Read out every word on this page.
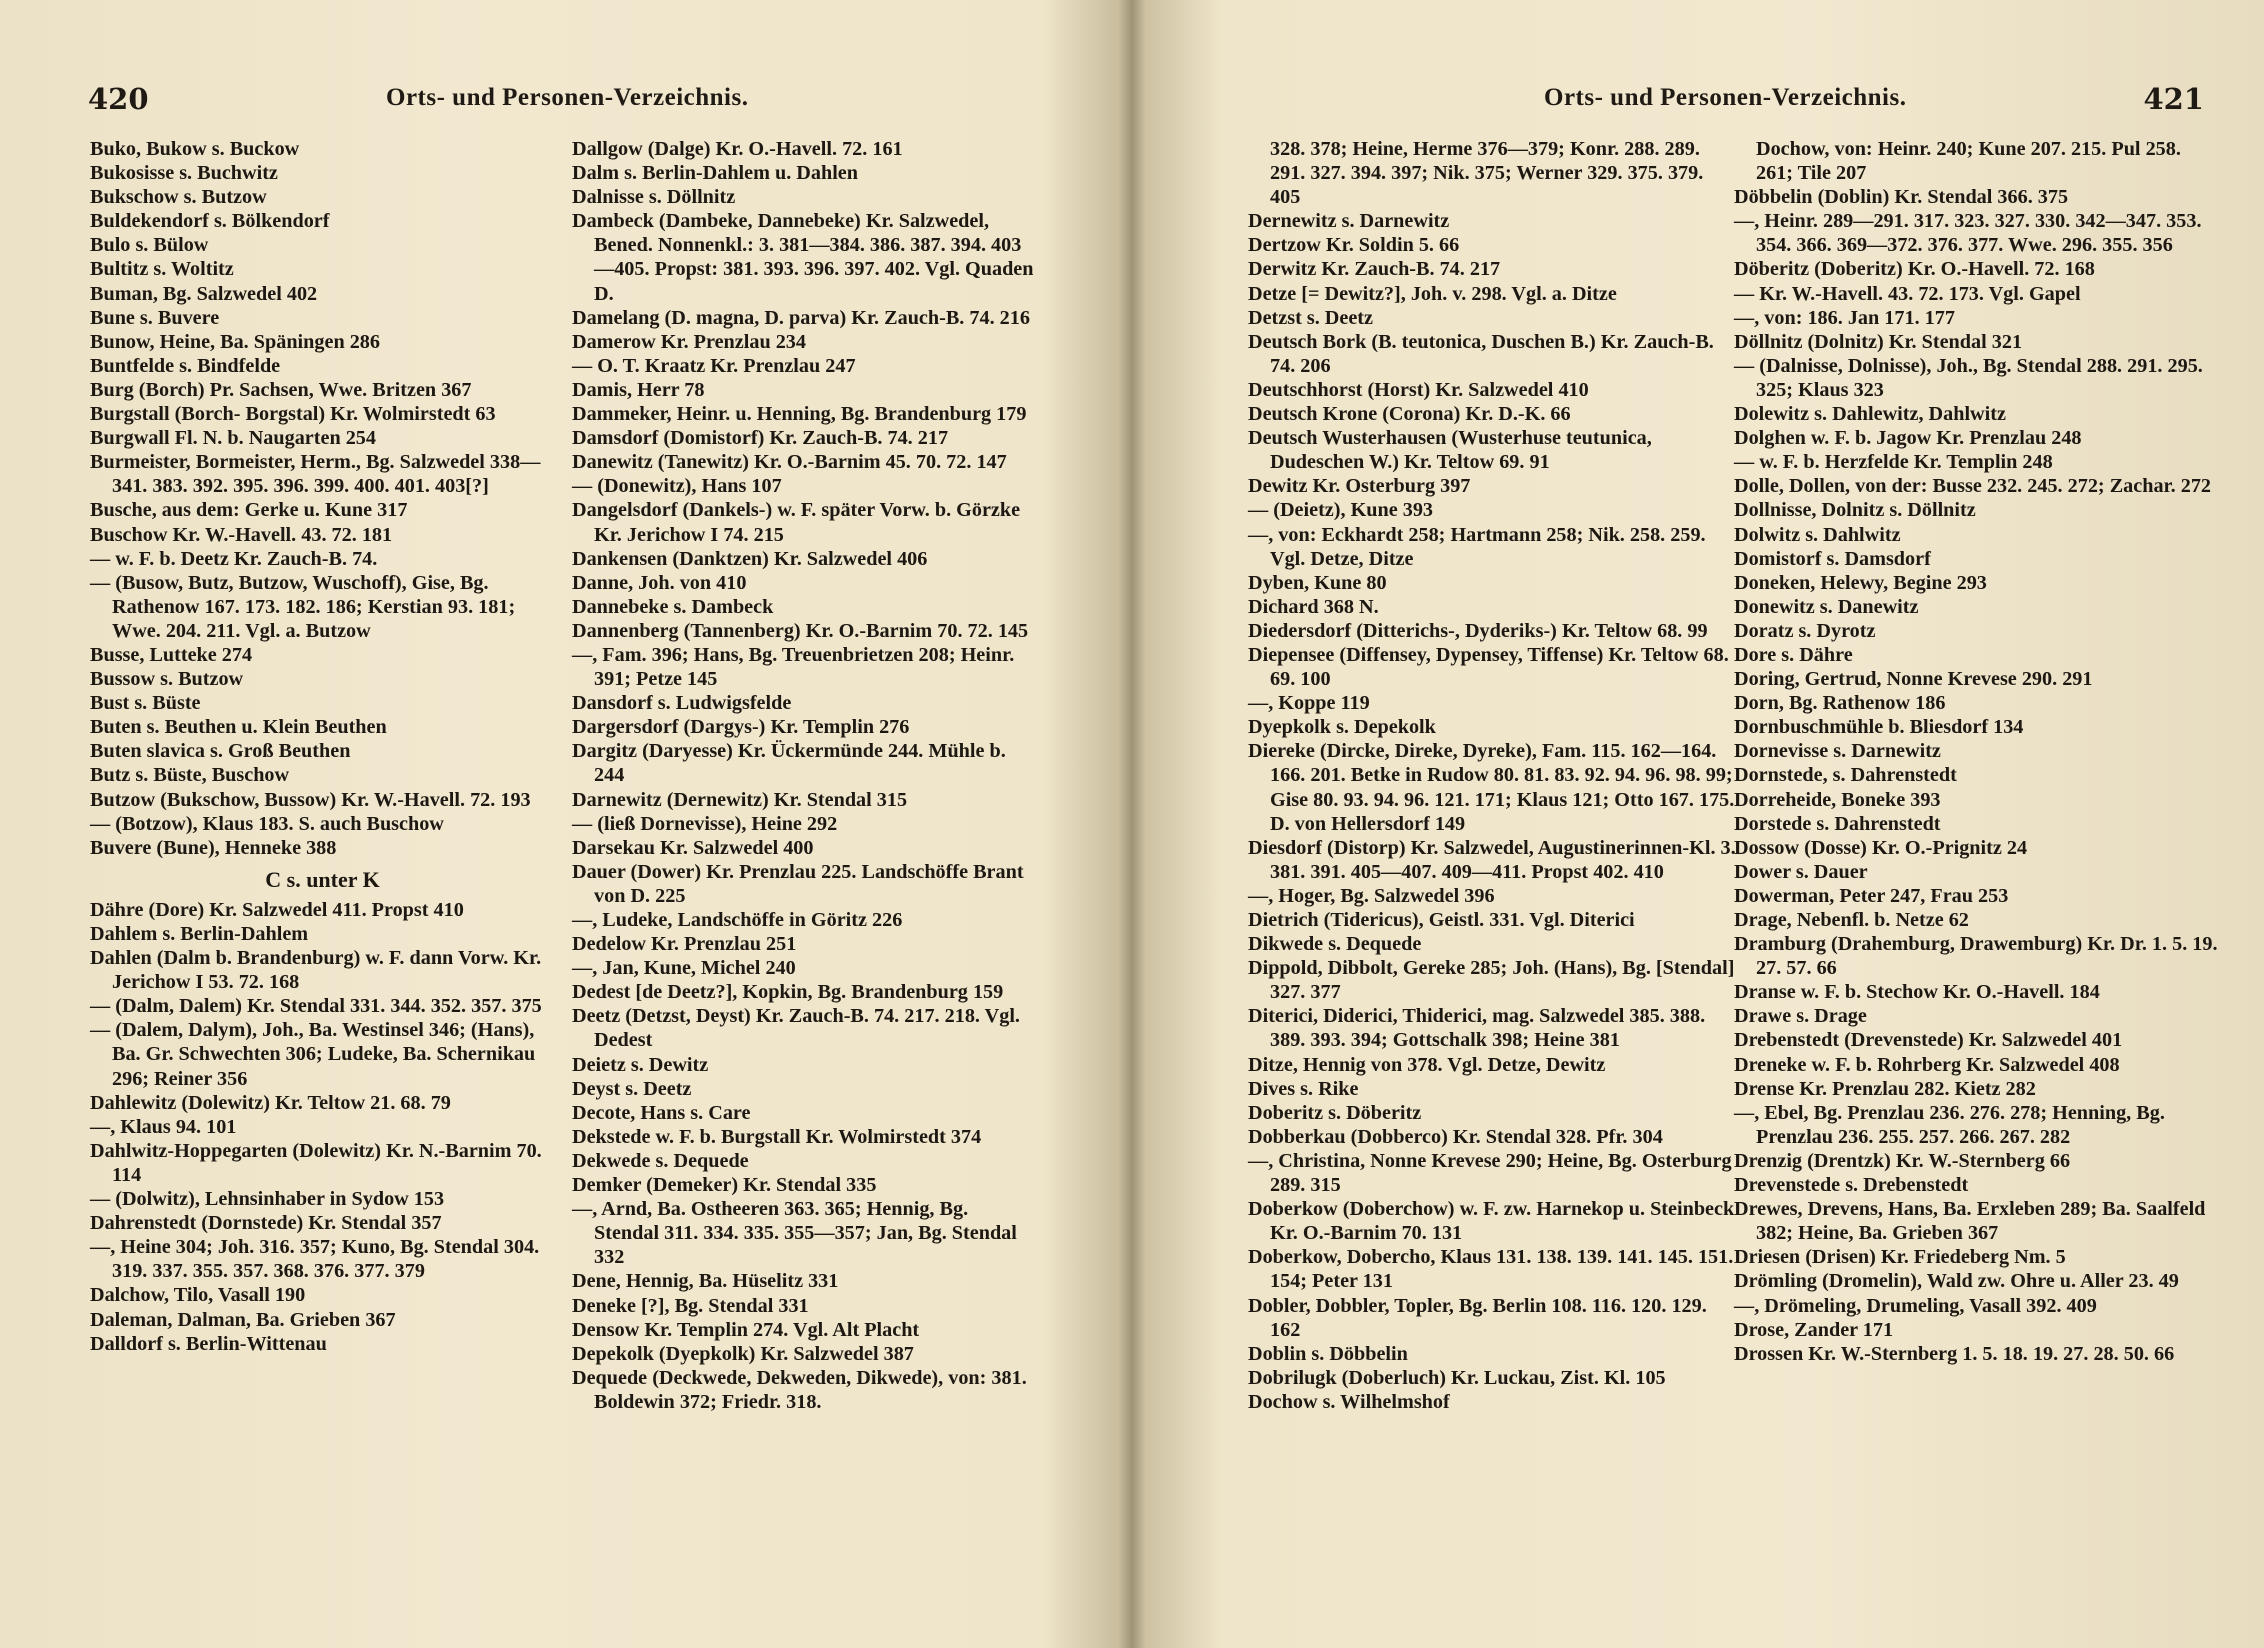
420	Orts- und Personen-Verzeichnis.
Buko, Bukow s. Buckow
Bukosisse s. Buchwitz
Bukschow s. Butzow
Buldekendorf s. Bölkendorf
Bulo s. Bülow
Bultitz s. Woltitz
Buman, Bg. Salzwedel 402
Bune s. Buvere
Bunow, Heine, Ba. Späningen 286
Buntfelde s. Bindfelde
Burg (Borch) Pr. Sachsen, Wwe. Britzen 367
Burgstall (Borch- Borgstal) Kr. Wolmirstedt 63
Burgwall Fl. N. b. Naugarten 254
Burmeister, Bormeister, Herm., Bg. Salzwedel 338—341. 383. 392. 395. 396. 399. 400. 401. 403[?]
Busche, aus dem: Gerke u. Kune 317
Buschow Kr. W.-Havell. 43. 72. 181
— w. F. b. Deetz Kr. Zauch-B. 74.
— (Busow, Butz, Butzow, Wuschoff), Gise, Bg. Rathenow 167. 173. 182. 186; Kerstian 93. 181; Wwe. 204. 211. Vgl. a. Butzow
Busse, Lutteke 274
Bussow s. Butzow
Bust s. Büste
Buten s. Beuthen u. Klein Beuthen
Buten slavica s. Groß Beuthen
Butz s. Büste, Buschow
Butzow (Bukschow, Bussow) Kr. W.-Havell. 72. 193
— (Botzow), Klaus 183. S. auch Buschow
Buvere (Bune), Henneke 388
C s. unter K
Dähre (Dore) Kr. Salzwedel 411. Propst 410
Dahlem s. Berlin-Dahlem
Dahlen (Dalm b. Brandenburg) w. F. dann Vorw. Kr. Jerichow I 53. 72. 168
— (Dalm, Dalem) Kr. Stendal 331. 344. 352. 357. 375
— (Dalem, Dalym), Joh., Ba. Westinsel 346; (Hans), Ba. Gr. Schwechten 306; Ludeke, Ba. Schernikau 296; Reiner 356
Dahlewitz (Dolewitz) Kr. Teltow 21. 68. 79
—, Klaus 94. 101
Dahlwitz-Hoppegarten (Dolewitz) Kr. N.-Barnim 70. 114
— (Dolwitz), Lehnsinhaber in Sydow 153
Dahrenstedt (Dornstede) Kr. Stendal 357
—, Heine 304; Joh. 316. 357; Kuno, Bg. Stendal 304. 319. 337. 355. 357. 368. 376. 377. 379
Dalchow, Tilo, Vasall 190
Daleman, Dalman, Ba. Grieben 367
Dalldorf s. Berlin-Wittenau
Dallgow (Dalge) Kr. O.-Havell. 72. 161
Dalm s. Berlin-Dahlem u. Dahlen
Dalnisse s. Döllnitz
Dambeck (Dambeke, Dannebeke) Kr. Salzwedel, Bened. Nonnenkl.: 3. 381—384. 386. 387. 394. 403—405. Propst: 381. 393. 396. 397. 402. Vgl. Quaden D.
Damelang (D. magna, D. parva) Kr. Zauch-B. 74. 216
Damerow Kr. Prenzlau 234
— O. T. Kraatz Kr. Prenzlau 247
Damis, Herr 78
Dammeker, Heinr. u. Henning, Bg. Brandenburg 179
Damsdorf (Domistorf) Kr. Zauch-B. 74. 217
Danewitz (Tanewitz) Kr. O.-Barnim 45. 70. 72. 147
— (Donewitz), Hans 107
Dangelsdorf (Dankels-) w. F. später Vorw. b. Görzke Kr. Jerichow I 74. 215
Dankensen (Danktzen) Kr. Salzwedel 406
Danne, Joh. von 410
Dannebeke s. Dambeck
Dannenberg (Tannenberg) Kr. O.-Barnim 70. 72. 145
—, Fam. 396; Hans, Bg. Treuenbrietzen 208; Heinr. 391; Petze 145
Dansdorf s. Ludwigsfelde
Dargersdorf (Dargys-) Kr. Templin 276
Dargitz (Daryesse) Kr. Ückermünde 244. Mühle b. 244
Darnewitz (Dernewitz) Kr. Stendal 315
— (ließ Dornevisse), Heine 292
Darsekau Kr. Salzwedel 400
Dauer (Dower) Kr. Prenzlau 225. Landschöffe Brant von D. 225
—, Ludeke, Landschöffe in Göritz 226
Dedelow Kr. Prenzlau 251
—, Jan, Kune, Michel 240
Dedest [de Deetz?], Kopkin, Bg. Brandenburg 159
Deetz (Detzst, Deyst) Kr. Zauch-B. 74. 217. 218. Vgl. Dedest
Deietz s. Dewitz
Deyst s. Deetz
Decote, Hans s. Care
Dekstede w. F. b. Burgstall Kr. Wolmirstedt 374
Dekwede s. Dequede
Demker (Demeker) Kr. Stendal 335
—, Arnd, Ba. Ostheeren 363. 365; Hennig, Bg. Stendal 311. 334. 335. 355—357; Jan, Bg. Stendal 332
Dene, Hennig, Ba. Hüselitz 331
Deneke [?], Bg. Stendal 331
Densow Kr. Templin 274. Vgl. Alt Placht
Depekolk (Dyepkolk) Kr. Salzwedel 387
Dequede (Deckwede, Dekweden, Dikwede), von: 381. Boldewin 372; Friedr. 318.
421
Orts- und Personen-Verzeichnis.
328. 378; Heine, Herme 376—379; Konr. 288. 289. 291. 327. 394. 397; Nik. 375; Werner 329. 375. 379. 405
Dernewitz s. Darnewitz
Dertzow Kr. Soldin 5. 66
Derwitz Kr. Zauch-B. 74. 217
Detze [= Dewitz?], Joh. v. 298. Vgl. a. Ditze
Detzst s. Deetz
Deutsch Bork (B. teutonica, Duschen B.) Kr. Zauch-B. 74. 206
Deutschhorst (Horst) Kr. Salzwedel 410
Deutsch Krone (Corona) Kr. D.-K. 66
Deutsch Wusterhausen (Wusterhuse teutunica, Dudeschen W.) Kr. Teltow 69. 91
Dewitz Kr. Osterburg 397
— (Deietz), Kune 393
—, von: Eckhardt 258; Hartmann 258; Nik. 258. 259. Vgl. Detze, Ditze
Dyben, Kune 80
Dichard 368 N.
Diedersdorf (Ditterichs-, Dyderiks-) Kr. Teltow 68. 99
Diepensee (Diffensey, Dypensey, Tiffense) Kr. Teltow 68. 69. 100
—, Koppe 119
Dyepkolk s. Depekolk
Diereke (Dircke, Direke, Dyreke), Fam. 115. 162—164. 166. 201. Betke in Rudow 80. 81. 83. 92. 94. 96. 98. 99; Gise 80. 93. 94. 96. 121. 171; Klaus 121; Otto 167. 175. D. von Hellersdorf 149
Diesdorf (Distorp) Kr. Salzwedel, Augustinerinnen-Kl. 3. 381. 391. 405—407. 409—411. Propst 402. 410
—, Hoger, Bg. Salzwedel 396
Dietrich (Tidericus), Geistl. 331. Vgl. Diterici
Dikwede s. Dequede
Dippold, Dibbolt, Gereke 285; Joh. (Hans), Bg. [Stendal] 327. 377
Diterici, Diderici, Thiderici, mag. Salzwedel 385. 388. 389. 393. 394; Gottschalk 398; Heine 381
Ditze, Hennig von 378. Vgl. Detze, Dewitz
Dives s. Rike
Doberitz s. Döberitz
Dobberkau (Dobberco) Kr. Stendal 328. Pfr. 304
—, Christina, Nonne Krevese 290; Heine, Bg. Osterburg 289. 315
Doberkow (Doberchow) w. F. zw. Harnekop u. Steinbeck Kr. O.-Barnim 70. 131
Doberkow, Doberchо, Klaus 131. 138. 139. 141. 145. 151. 154; Peter 131
Dobler, Dobbler, Topler, Bg. Berlin 108. 116. 120. 129. 162
Doblin s. Döbbelin
Dobrilugk (Doberluch) Kr. Luckau, Zist. Kl. 105
Dochow s. Wilhelmshof
Dochow, von: Heinr. 240; Kune 207. 215. Pul 258. 261; Tile 207
Döbbelin (Doblin) Kr. Stendal 366. 375
—, Heinr. 289—291. 317. 323. 327. 330. 342—347. 353. 354. 366. 369—372. 376. 377. Wwe. 296. 355. 356
Döberitz (Doberitz) Kr. O.-Havell. 72. 168
— Kr. W.-Havell. 43. 72. 173. Vgl. Gapel
—, von: 186. Jan 171. 177
Döllnitz (Dolnitz) Kr. Stendal 321
— (Dalnisse, Dolnisse), Joh., Bg. Stendal 288. 291. 295. 325; Klaus 323
Dolewitz s. Dahlewitz, Dahlwitz
Dolghen w. F. b. Jagow Kr. Prenzlau 248
— w. F. b. Herzfelde Kr. Templin 248
Dolle, Dollen, von der: Busse 232. 245. 272; Zachar. 272
Dollnisse, Dolnitz s. Döllnitz
Dolwitz s. Dahlwitz
Domistorf s. Damsdorf
Doneken, Helewy, Begine 293
Donewitz s. Danewitz
Doratz s. Dyrotz
Dore s. Dähre
Doring, Gertrud, Nonne Krevese 290. 291
Dorn, Bg. Rathenow 186
Dornbuschmühle b. Bliesdorf 134
Dornevisse s. Darnewitz
Dornstede, s. Dahrenstedt
Dorreheide, Boneke 393
Dorstede s. Dahrenstedt
Dossow (Dosse) Kr. O.-Prignitz 24
Dower s. Dauer
Dowerman, Peter 247, Frau 253
Drage, Nebenfl. b. Netze 62
Dramburg (Drahemburg, Drawemburg) Kr. Dr. 1. 5. 19. 27. 57. 66
Dranse w. F. b. Stechow Kr. O.-Havell. 184
Drawe s. Drage
Drebenstedt (Drevenstede) Kr. Salzwedel 401
Dreneke w. F. b. Rohrberg Kr. Salzwedel 408
Drense Kr. Prenzlau 282. Kietz 282
—, Ebel, Bg. Prenzlau 236. 276. 278; Henning, Bg. Prenzlau 236. 255. 257. 266. 267. 282
Drenzig (Drentzk) Kr. W.-Sternberg 66
Drevenstede s. Drebenstedt
Drewes, Drevens, Hans, Ba. Erxleben 289; Ba. Saalfeld 382; Heine, Ba. Grieben 367
Driesen (Drisen) Kr. Friedeberg Nm. 5
Drömling (Dromelin), Wald zw. Ohre u. Aller 23. 49
—, Drömeling, Drumeling, Vasall 392. 409
Drose, Zander 171
Drossen Kr. W.-Sternberg 1. 5. 18. 19. 27. 28. 50. 66
